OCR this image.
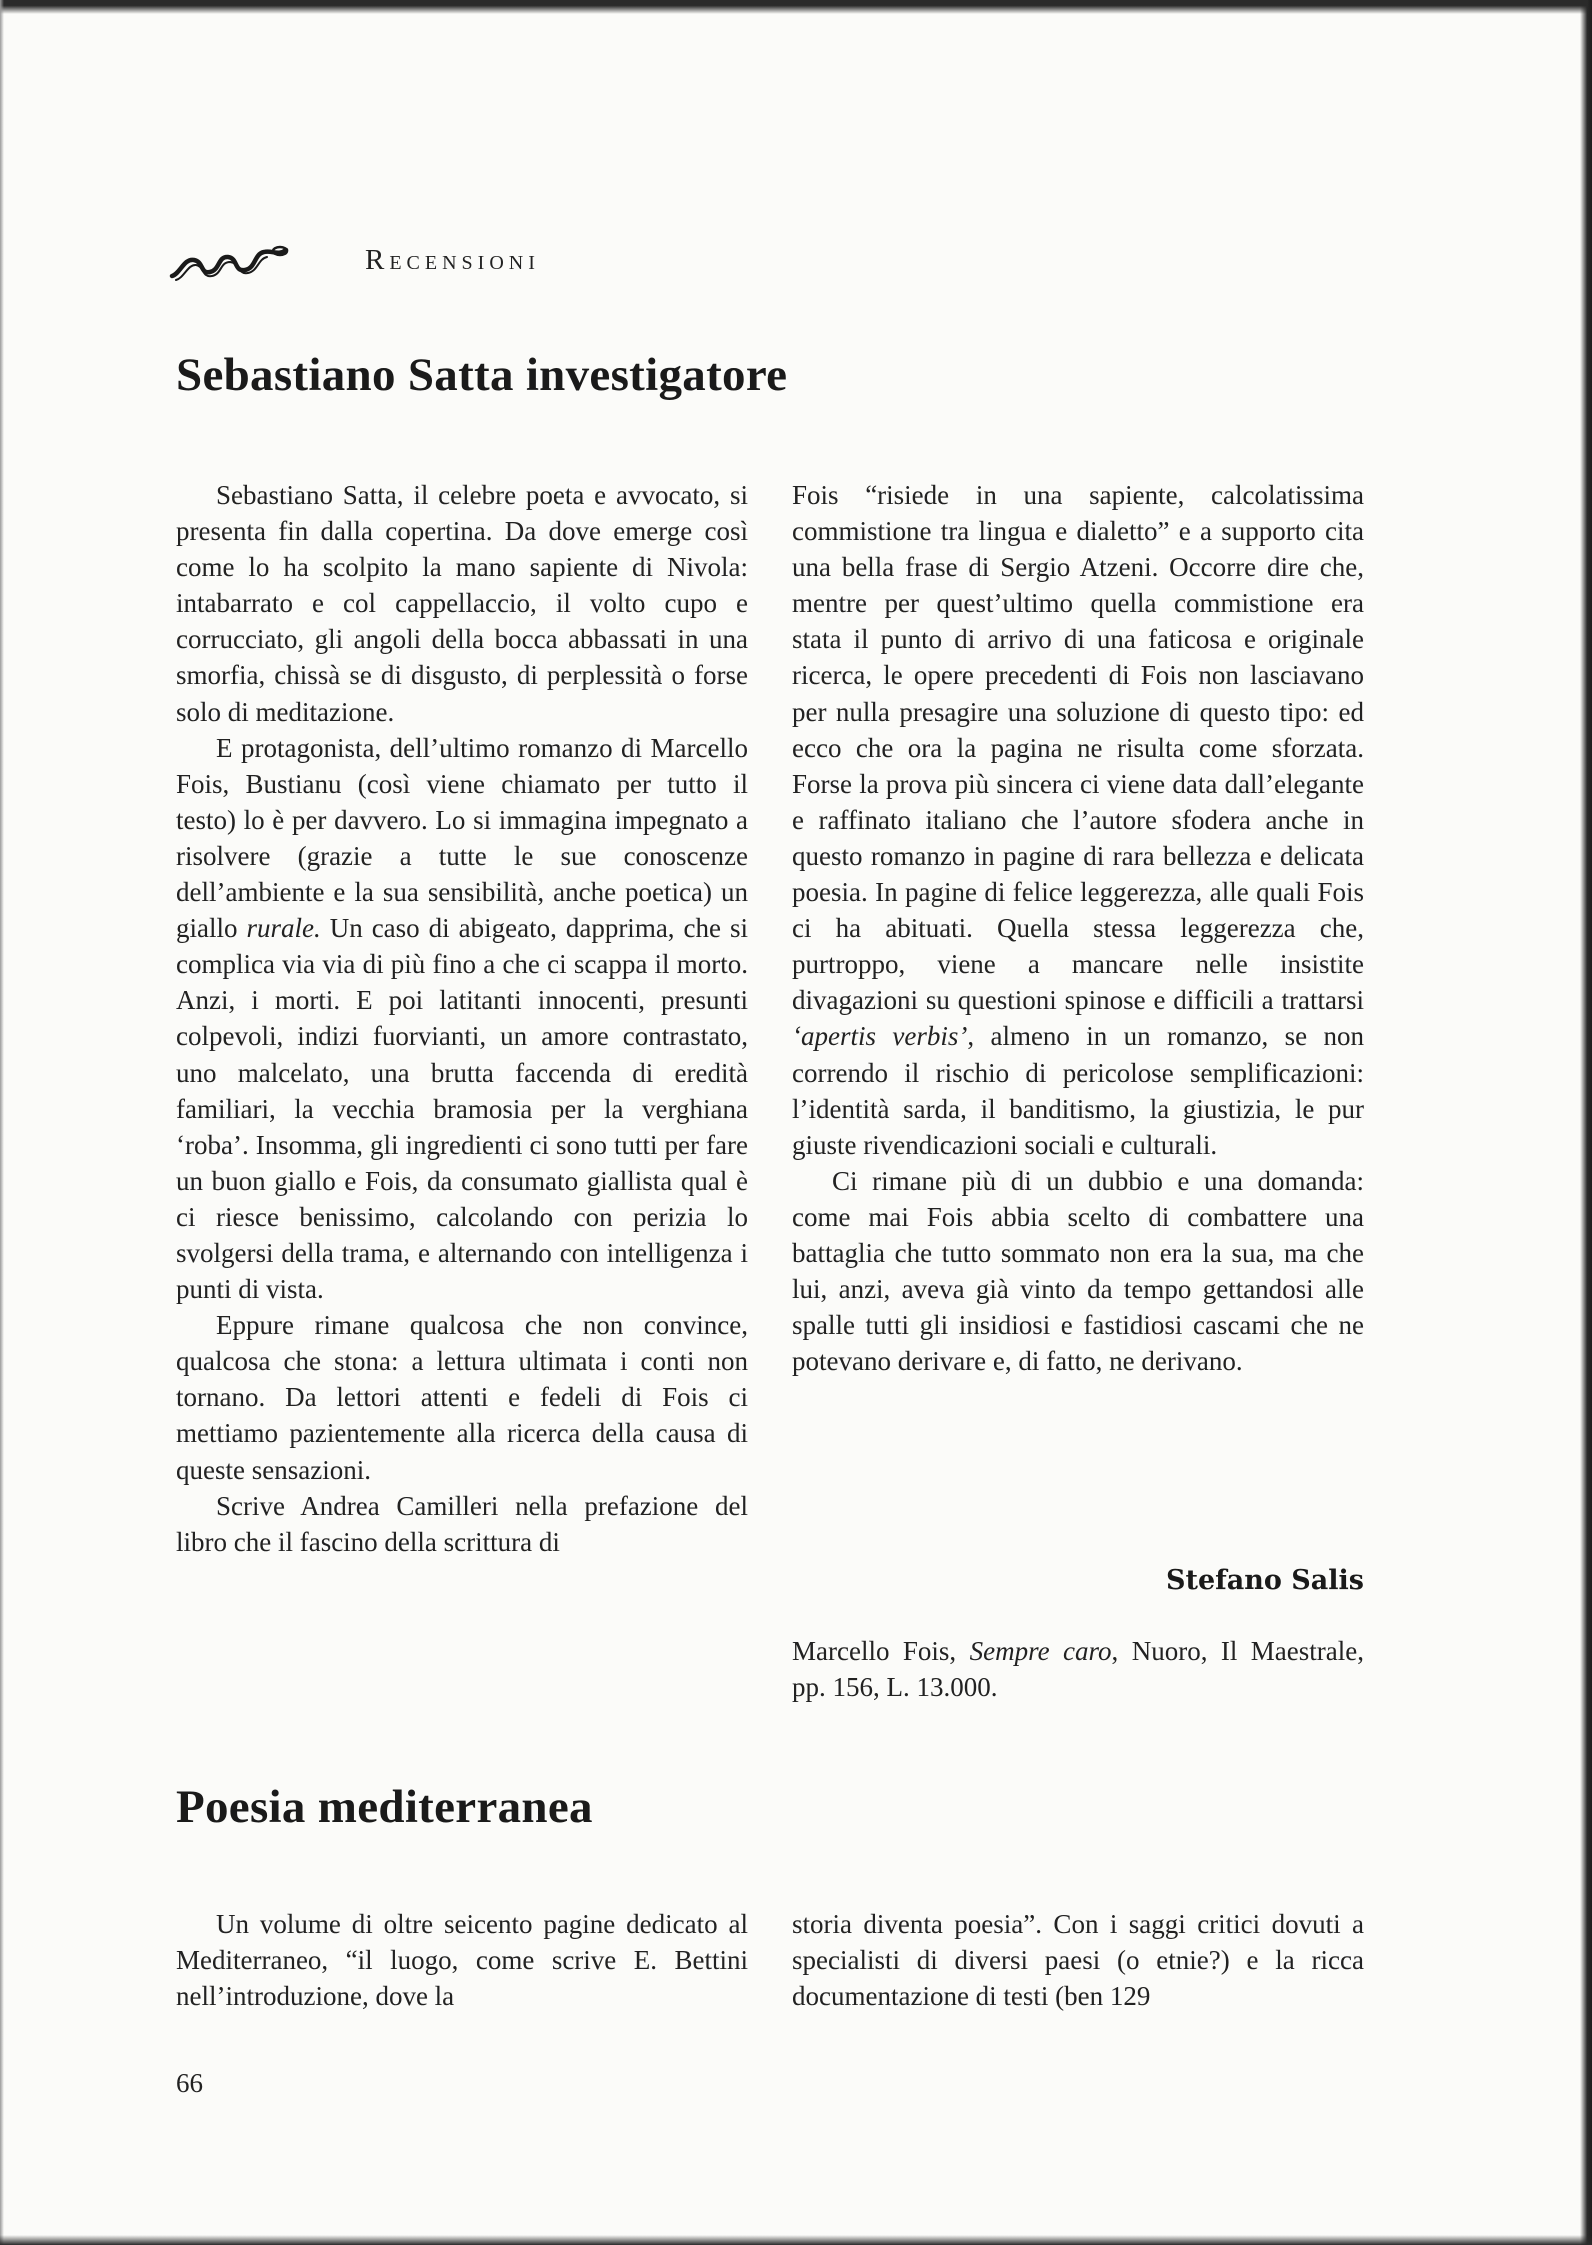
Recensioni
Sebastiano Satta investigatore

Sebastiano Satta, il celebre poeta e avvocato, si presenta fin dalla copertina. Da dove emerge così come lo ha scolpito la mano sapiente di Nivola: intabarrato e col cappellaccio, il volto cupo e corrucciato, gli angoli della bocca abbassati in una smorfia, chissà se di disgusto, di perplessità o forse solo di meditazione.

E protagonista, dell’ultimo romanzo di Marcello Fois, Bustianu (così viene chiamato per tutto il testo) lo è per davvero. Lo si immagina impegnato a risolvere (grazie a tutte le sue conoscenze dell’ambiente e la sua sensibilità, anche poetica) un giallo rurale. Un caso di abigeato, dapprima, che si complica via via di più fino a che ci scappa il morto. Anzi, i morti. E poi latitanti innocenti, presunti colpevoli, indizi fuorvianti, un amore contrastato, uno malcelato, una brutta faccenda di eredità familiari, la vecchia bramosia per la verghiana ‘roba’. Insomma, gli ingredienti ci sono tutti per fare un buon giallo e Fois, da consumato giallista qual è ci riesce benissimo, calcolando con perizia lo svolgersi della trama, e alternando con intelligenza i punti di vista.

Eppure rimane qualcosa che non convince, qualcosa che stona: a lettura ultimata i conti non tornano. Da lettori attenti e fedeli di Fois ci mettiamo pazientemente alla ricerca della causa di queste sensazioni.

Scrive Andrea Camilleri nella prefazione del libro che il fascino della scrittura di

Fois “risiede in una sapiente, calcolatissima commistione tra lingua e dialetto” e a supporto cita una bella frase di Sergio Atzeni. Occorre dire che, mentre per quest’ultimo quella commistione era stata il punto di arrivo di una faticosa e originale ricerca, le opere precedenti di Fois non lasciavano per nulla presagire una soluzione di questo tipo: ed ecco che ora la pagina ne risulta come sforzata. Forse la prova più sincera ci viene data dall’elegante e raffinato italiano che l’autore sfodera anche in questo romanzo in pagine di rara bellezza e delicata poesia. In pagine di felice leggerezza, alle quali Fois ci ha abituati. Quella stessa leggerezza che, purtroppo, viene a mancare nelle insistite divagazioni su questioni spinose e difficili a trattarsi ‘apertis verbis’, almeno in un romanzo, se non correndo il rischio di pericolose semplificazioni: l’identità sarda, il banditismo, la giustizia, le pur giuste rivendicazioni sociali e culturali.

Ci rimane più di un dubbio e una domanda: come mai Fois abbia scelto di combattere una battaglia che tutto sommato non era la sua, ma che lui, anzi, aveva già vinto da tempo gettandosi alle spalle tutti gli insidiosi e fastidiosi cascami che ne potevano derivare e, di fatto, ne derivano.

Stefano Salis
Marcello Fois, Sempre caro, Nuoro, Il Maestrale, pp. 156, L. 13.000.
Poesia mediterranea

Un volume di oltre seicento pagine dedicato al Mediterraneo, “il luogo, come scrive E. Bettini nell’introduzione, dove la

storia diventa poesia”. Con i saggi critici dovuti a specialisti di diversi paesi (o etnie?) e la ricca documentazione di testi (ben 129

66
